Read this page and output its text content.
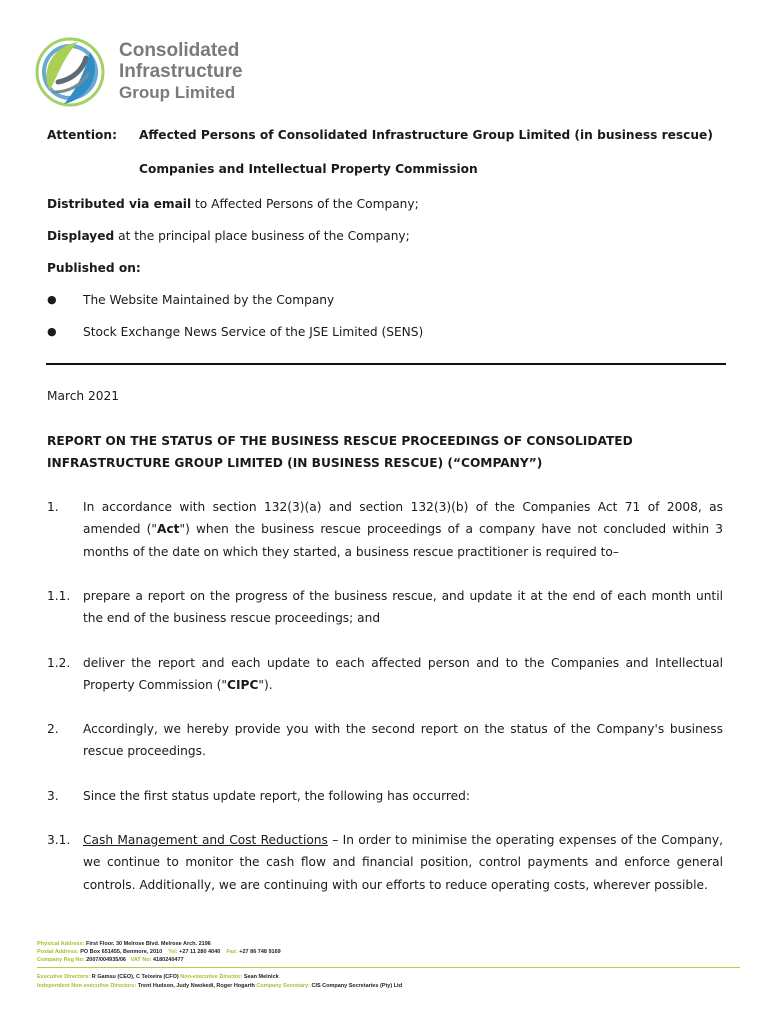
Consolidated
Infrastructure
Group Limited
Attention: Affected Persons of Consolidated Infrastructure Group Limited (in business rescue)
Companies and Intellectual Property Commission
Distributed via email to Affected Persons of the Company;
Displayed at the principal place business of the Company;
Published on:
● The Website Maintained by the Company
● Stock Exchange News Service of the JSE Limited (SENS)
March 2021
REPORT ON THE STATUS OF THE BUSINESS RESCUE PROCEEDINGS OF CONSOLIDATED
INFRASTRUCTURE GROUP LIMITED (IN BUSINESS RESCUE) (“COMPANY”)
1. In accordance with section 132(3)(a) and section 132(3)(b) of the Companies Act 71 of 2008, as amended ("Act") when the business rescue proceedings of a company have not concluded within 3 months of the date on which they started, a business rescue practitioner is required to–
1.1. prepare a report on the progress of the business rescue, and update it at the end of each month until the end of the business rescue proceedings; and
1.2. deliver the report and each update to each affected person and to the Companies and Intellectual Property Commission ("CIPC").
2. Accordingly, we hereby provide you with the second report on the status of the Company's business rescue proceedings.
3. Since the first status update report, the following has occurred:
3.1. Cash Management and Cost Reductions – In order to minimise the operating expenses of the Company, we continue to monitor the cash flow and financial position, control payments and enforce general controls. Additionally, we are continuing with our efforts to reduce operating costs, wherever possible.
Physical Address: First Floor, 30 Melrose Blvd. Melrose Arch. 2196
Postal Address: PO Box 651455, Benmore, 2010 Tel: +27 11 280 4040 Fax: +27 86 748 9169
Company Reg No: 2007/004935/06 VAT No: 4180240477
Executive Directors: R Gamsu (CEO), C Teixeira (CFO) Non-executive Director: Sean Melnick
Independent Non-executive Directors: Trent Hudson, Judy Nwokedi, Roger Hogarth Company Secretary: CIS Company Secretaries (Pty) Ltd
